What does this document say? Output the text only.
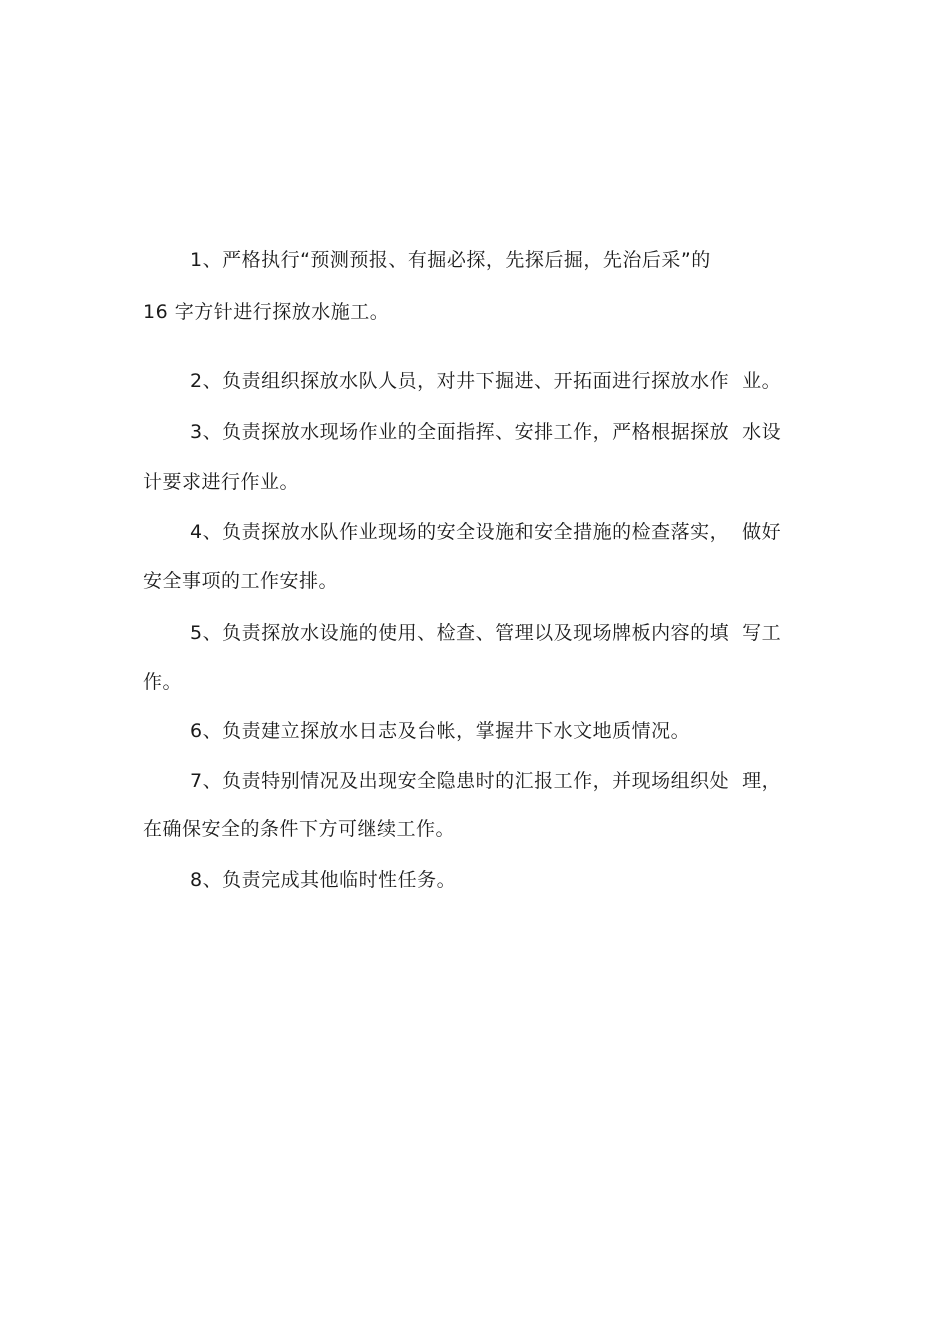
1、严格执行“预测预报、有掘必探，先探后掘，先治后采”的

16 字方针进行探放水施工。

2、负责组织探放水队人员，对井下掘进、开拓面进行探放水作  业。

3、负责探放水现场作业的全面指挥、安排工作，严格根据探放  水设

计要求进行作业。

4、负责探放水队作业现场的安全设施和安全措施的检查落实，  做好

安全事项的工作安排。

5、负责探放水设施的使用、检查、管理以及现场牌板内容的填  写工

作。

6、负责建立探放水日志及台帐，掌握井下水文地质情况。

7、负责特别情况及出现安全隐患时的汇报工作，并现场组织处  理，

在确保安全的条件下方可继续工作。

8、负责完成其他临时性任务。
